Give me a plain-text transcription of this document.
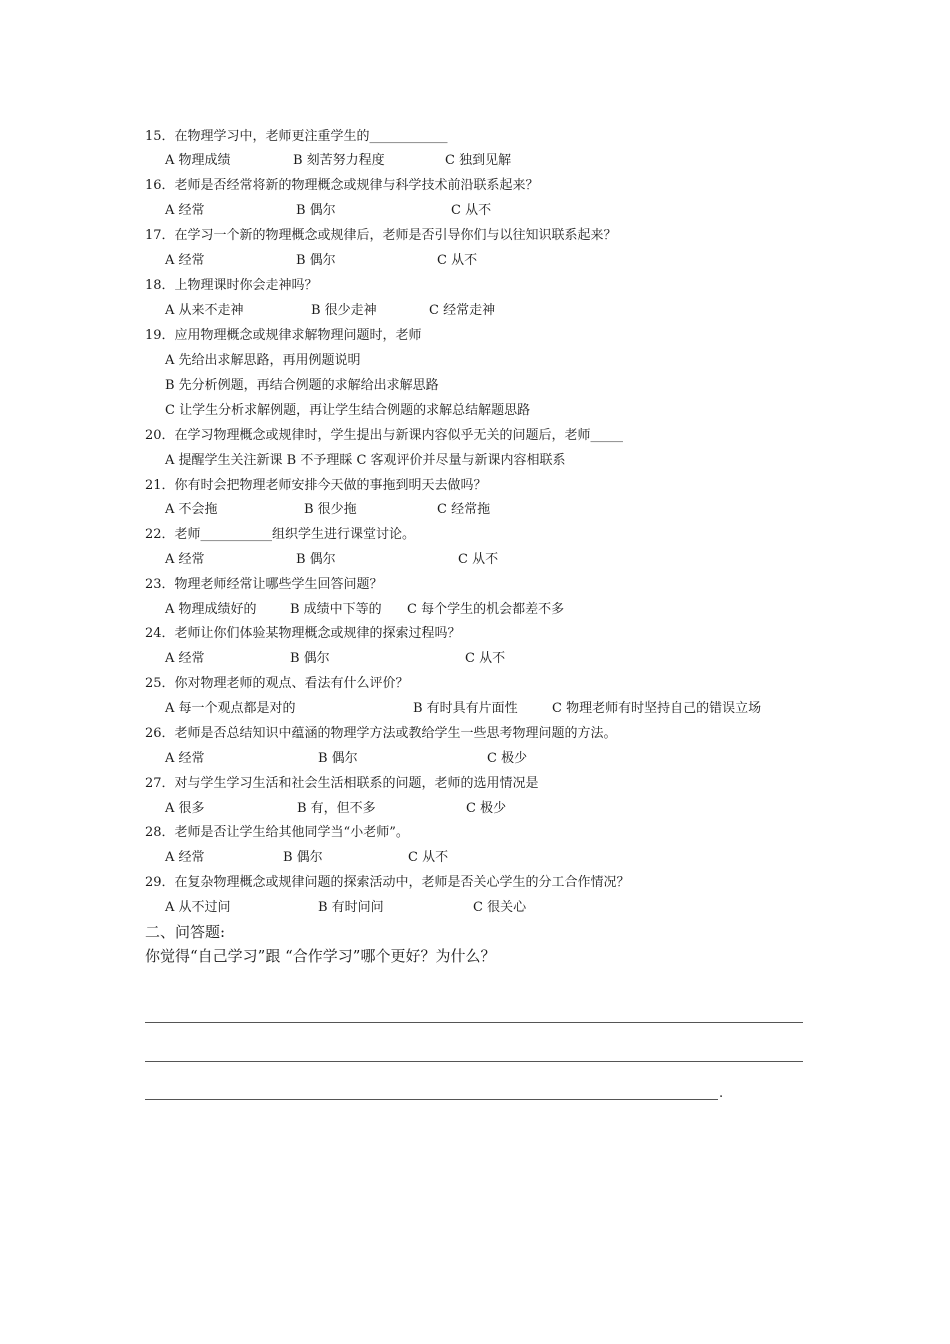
15．在物理学习中，老师更注重学生的____________
A 物理成绩	B 刻苦努力程度	C 独到见解
16．老师是否经常将新的物理概念或规律与科学技术前沿联系起来？
A 经常	B 偶尔	C 从不
17．在学习一个新的物理概念或规律后，老师是否引导你们与以往知识联系起来？
A 经常	B 偶尔	C 从不
18．上物理课时你会走神吗？
A 从来不走神	B 很少走神	C 经常走神
19．应用物理概念或规律求解物理问题时，老师
A 先给出求解思路，再用例题说明
B 先分析例题，再结合例题的求解给出求解思路
C 让学生分析求解例题，再让学生结合例题的求解总结解题思路
20．在学习物理概念或规律时，学生提出与新课内容似乎无关的问题后，老师_____
A 提醒学生关注新课 B 不予理睬 C 客观评价并尽量与新课内容相联系
21．你有时会把物理老师安排今天做的事拖到明天去做吗？
A 不会拖	B 很少拖	C 经常拖
22．老师___________组织学生进行课堂讨论。
A 经常	B 偶尔	C 从不
23．物理老师经常让哪些学生回答问题？
A 物理成绩好的	B 成绩中下等的 C 每个学生的机会都差不多
24．老师让你们体验某物理概念或规律的探索过程吗？
A 经常	B 偶尔	C 从不
25．你对物理老师的观点、看法有什么评价？
A 每一个观点都是对的	B 有时具有片面性	C 物理老师有时坚持自己的错误立场
26．老师是否总结知识中蕴涵的物理学方法或教给学生一些思考物理问题的方法。
A 经常	B 偶尔	C 极少
27．对与学生学习生活和社会生活相联系的问题，老师的选用情况是
A 很多	B 有，但不多	C 极少
28．老师是否让学生给其他同学当“小老师”。
A 经常	B 偶尔	C 从不
29．在复杂物理概念或规律问题的探索活动中，老师是否关心学生的分工合作情况？
A 从不过问	B 有时问问	C 很关心
二、问答题:
你觉得“自己学习”跟 “合作学习”哪个更好？为什么？
.
